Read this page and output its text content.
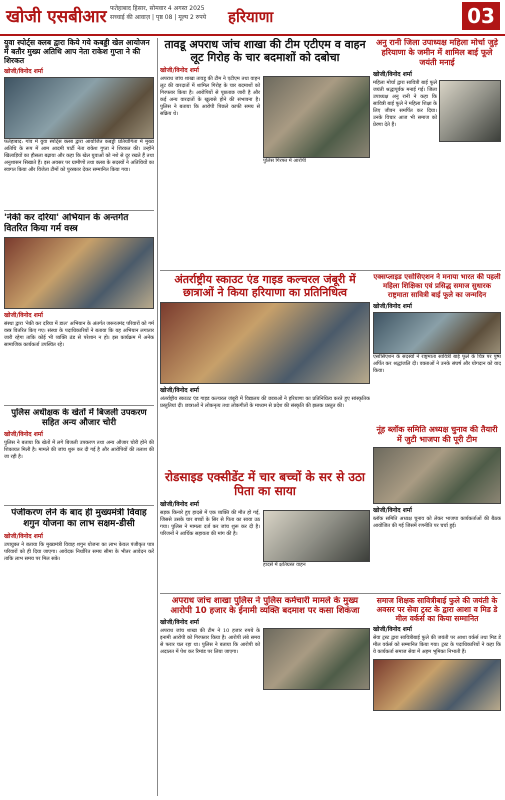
खोजी एसबीआर फतेहाबाद हिसार, सोमवार 4 अगस्त 2025
सच्चाई की आवाज़ | पृष्ठ 08 | मूल्य 2 रुपये हरियाणा	03
युवा स्पोर्ट्स क्लब द्वारा किये गये कबड्डी खेल आयोजन में बतौर मुख्य अतिथि आप नेता राकेश गुप्ता ने की शिरकत
खोजी/विनोद शर्मा
फतेहाबाद: गांव में युवा स्पोर्ट्स क्लब द्वारा आयोजित कबड्डी प्रतियोगिता में मुख्य अतिथि के रूप में आम आदमी पार्टी नेता राकेश गुप्ता ने शिरकत की। उन्होंने खिलाड़ियों का हौसला बढ़ाया और कहा कि खेल युवाओं को नशे से दूर रखते हैं तथा अनुशासन सिखाते हैं। इस अवसर पर ग्रामीणों तथा क्लब के सदस्यों ने अतिथियों का स्वागत किया और विजेता टीमों को पुरस्कार देकर सम्मानित किया गया।
'नेकी कर दरिया' अभियान के अन्तर्गत वितरित किया गर्म वस्त्र
खोजी/विनोद शर्मा
संस्था द्वारा 'नेकी कर दरिया में डाल' अभियान के अंतर्गत जरूरतमंद परिवारों को गर्म वस्त्र वितरित किए गए। संस्था के पदाधिकारियों ने बताया कि यह अभियान लगातार जारी रहेगा ताकि कोई भी व्यक्ति ठंड से परेशान न हो। इस कार्यक्रम में अनेक सामाजिक कार्यकर्ता उपस्थित रहे।
पुलिस अधीक्षक के खेतों में बिजली उपकरण सहित अन्य औजार चोरी
खोजी/विनोद शर्मा
पुलिस ने बताया कि खेतों में लगे बिजली उपकरण तथा अन्य औजार चोरी होने की शिकायत मिली है। मामले की जांच शुरू कर दी गई है और आरोपियों की तलाश की जा रही है।
पंजीकरण लेने के बाद ही मुख्यमंत्री विवाह शगुन योजना का लाभ सक्षम-डीसी
खोजी/विनोद शर्मा
उपायुक्त ने बताया कि मुख्यमंत्री विवाह शगुन योजना का लाभ केवल पंजीकृत पात्र परिवारों को ही दिया जाएगा। आवेदक निर्धारित समय सीमा के भीतर आवेदन करें ताकि लाभ समय पर मिल सके।
तावडू अपराध जांच शाखा की टीम एटीएम व वाहन लूट गिरोह के चार बदमाशों को दबोचा
खोजी/विनोद शर्मा
अपराध जांच शाखा तावडू की टीम ने एटीएम तथा वाहन लूट की वारदातों में शामिल गिरोह के चार बदमाशों को गिरफ्तार किया है। आरोपियों से पूछताछ जारी है और कई अन्य वारदातों के खुलासे होने की संभावना है। पुलिस ने बताया कि आरोपी पिछले काफी समय से सक्रिय थे।
पुलिस गिरफ्त में आरोपी
अनु रानी जिला उपाध्यक्ष महिला मोर्चा जुड़े हरियाणा के जमीन में शामिल बाई फूले जयंती मनाई
खोजी/विनोद शर्मा
महिला मोर्चा द्वारा सावित्री बाई फूले जयंती श्रद्धापूर्वक मनाई गई। जिला उपाध्यक्ष अनु रानी ने कहा कि सावित्री बाई फूले ने महिला शिक्षा के लिए जीवन समर्पित कर दिया। उनके विचार आज भी समाज को प्रेरणा देते हैं।
अंतर्राष्ट्रीय स्काउट एंड गाइड कल्चरल जंबूरी में छात्राओं ने किया हरियाणा का प्रतिनिधित्व
खोजी/विनोद शर्मा
अंतर्राष्ट्रीय स्काउट एंड गाइड कल्चरल जंबूरी में विद्यालय की छात्राओं ने हरियाणा का प्रतिनिधित्व करते हुए सांस्कृतिक प्रस्तुतियां दीं। छात्राओं ने लोकनृत्य तथा लोकगीतों के माध्यम से प्रदेश की संस्कृति की झलक प्रस्तुत की।
एक्सप्लाइड एसोसिएशन ने मनाया भारत की पहली महिला शिक्षिका एवं प्रसिद्ध समाज सुधारक राष्ट्रमाता सावित्री बाई फूले का जन्मदिन
खोजी/विनोद शर्मा
एसोसिएशन के सदस्यों ने राष्ट्रमाता सावित्री बाई फूले के चित्र पर पुष्प अर्पित कर श्रद्धांजलि दी। वक्ताओं ने उनके संघर्ष और योगदान को याद किया।
नूंह ब्लॉक समिति अध्यक्ष चुनाव की तैयारी में जुटी भाजपा की पूरी टीम
खोजी/विनोद शर्मा
ब्लॉक समिति अध्यक्ष चुनाव को लेकर भाजपा कार्यकर्ताओं की बैठक आयोजित की गई जिसमें रणनीति पर चर्चा हुई।
रोडसाइड एक्सीडेंट में चार बच्चों के सर से उठा पिता का साया
खोजी/विनोद शर्मा
सड़क किनारे हुए हादसे में एक व्यक्ति की मौत हो गई, जिससे उसके चार बच्चों के सिर से पिता का साया उठ गया। पुलिस ने मामला दर्ज कर जांच शुरू कर दी है। परिजनों ने आर्थिक सहायता की मांग की है।
हादसे में क्षतिग्रस्त वाहन
अपराध जांच शाखा पुलिस ने पुलिस कर्मचारी मामले के मुख्य आरोपी 10 हजार के ईनामी व्यक्ति बदमाश पर कसा शिकंजा
खोजी/विनोद शर्मा
अपराध जांच शाखा की टीम ने 10 हजार रुपये के इनामी आरोपी को गिरफ्तार किया है। आरोपी लंबे समय से फरार चल रहा था। पुलिस ने बताया कि आरोपी को अदालत में पेश कर रिमांड पर लिया जाएगा।
समाज शिक्षक सावित्रीबाई फुले की जयंती के अवसर पर सेवा ट्रस्ट के द्वारा आशा व मिड डे मील वर्कर्स का किया सम्मानित
खोजी/विनोद शर्मा
सेवा ट्रस्ट द्वारा सावित्रीबाई फुले की जयंती पर आशा वर्कर्स तथा मिड डे मील वर्कर्स को सम्मानित किया गया। ट्रस्ट के पदाधिकारियों ने कहा कि ये कार्यकर्ता समाज सेवा में अहम भूमिका निभाती हैं।
